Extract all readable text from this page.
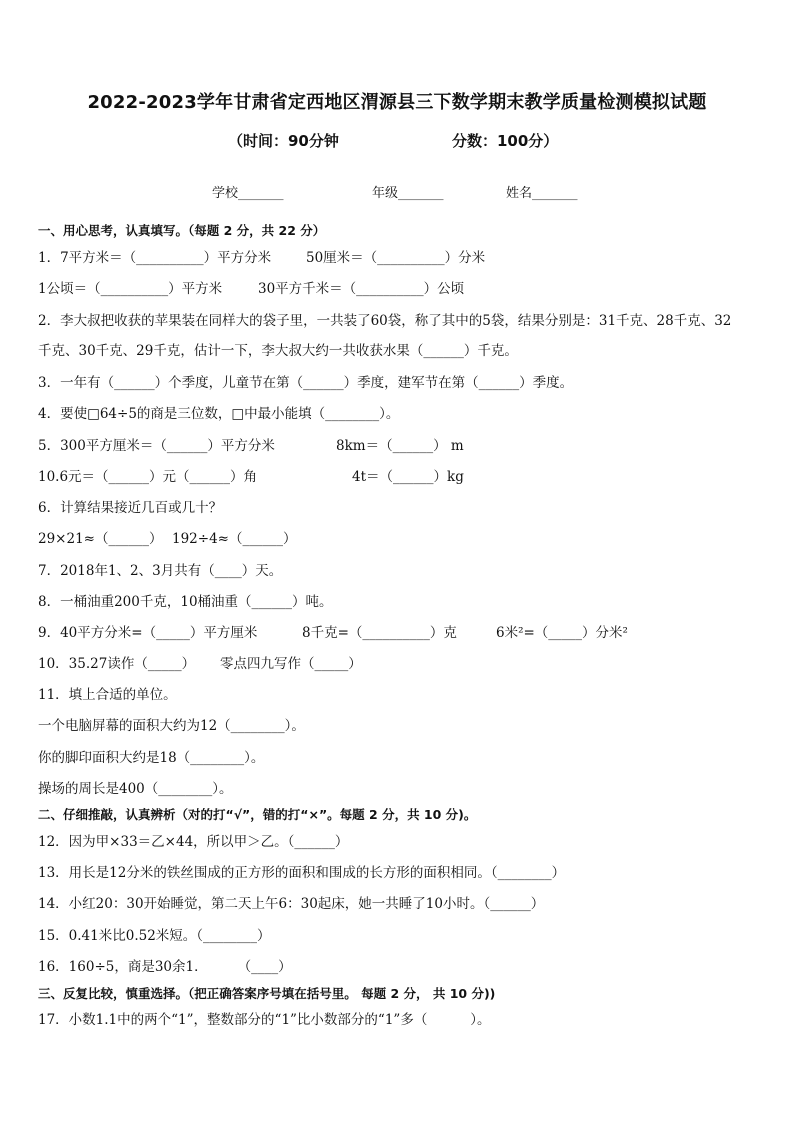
2022-2023学年甘肃省定西地区渭源县三下数学期末教学质量检测模拟试题
（时间：90分钟	分数：100分）
学校_______	年级_______	姓名_______
一、用心思考，认真填写。（每题 2 分，共 22 分）
1．7平方米＝（__________）平方分米	50厘米＝（__________）分米
1公顷＝（__________）平方米	30平方千米＝（__________）公顷
2．李大叔把收获的苹果装在同样大的袋子里，一共装了60袋，称了其中的5袋，结果分别是：31千克、28千克、32
千克、30千克、29千克，估计一下，李大叔大约一共收获水果（______）千克。
3．一年有（______）个季度，儿童节在第（______）季度，建军节在第（______）季度。
4．要使□64÷5的商是三位数，□中最小能填（________）。
5．300平方厘米＝（______）平方分米	8km＝（______） m
10.6元＝（______）元（______）角	4t＝（______）kg
6．计算结果接近几百或几十？
29×21≈（______） 192÷4≈（______）
7．2018年1、2、3月共有（____）天。
8．一桶油重200千克，10桶油重（______）吨。
9．40平方分米=（_____）平方厘米	8千克=（__________）克	6米²=（_____）分米²
10．35.27读作（_____） 零点四九写作（_____）
11．填上合适的单位。
一个电脑屏幕的面积大约为12（________）。
你的脚印面积大约是18（________）。
操场的周长是400（________）。
二、仔细推敲，认真辨析（对的打“√”，错的打“×”。每题 2 分，共 10 分)。
12．因为甲×33＝乙×44，所以甲＞乙。（______）
13．用长是12分米的铁丝围成的正方形的面积和围成的长方形的面积相同。（________）
14．小红20：30开始睡觉，第二天上午6：30起床，她一共睡了10小时。（______）
15．0.41米比0.52米短。（________）
16．160÷5，商是30余1．       （____）
三、反复比较，慎重选择。（把正确答案序号填在括号里。 每题 2 分， 共 10 分))
17．小数1.1中的两个“1”，整数部分的“1”比小数部分的“1”多（          ）。
